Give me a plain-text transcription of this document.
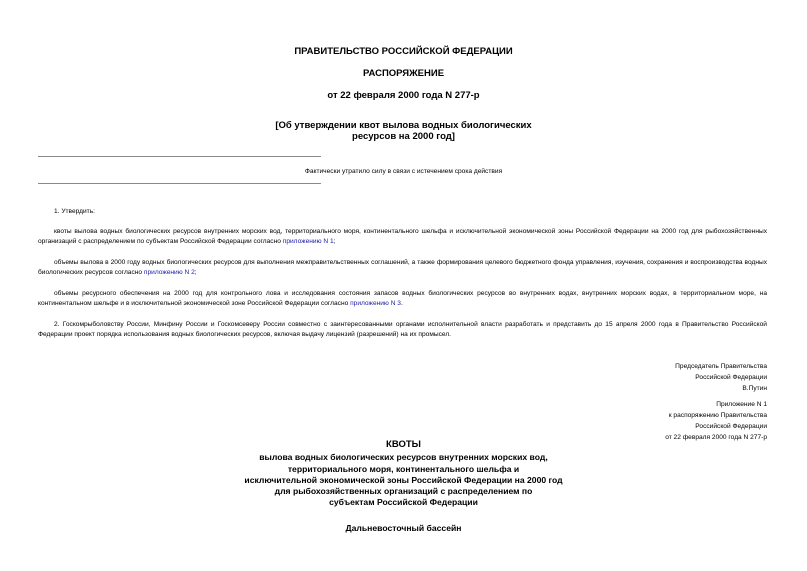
ПРАВИТЕЛЬСТВО РОССИЙСКОЙ ФЕДЕРАЦИИ
РАСПОРЯЖЕНИЕ
от 22 февраля 2000 года N 277-р
[Об утверждении квот вылова водных биологических
ресурсов на 2000 год]
Фактически утратило силу в связи с истечением срока действия
1. Утвердить:
квоты вылова водных биологических ресурсов внутренних морских вод, территориального моря, континентального шельфа и исключительной экономической зоны Российской Федерации на 2000 год для рыбохозяйственных организаций с распределением по субъектам Российской Федерации согласно приложению N 1;
объемы вылова в 2000 году водных биологических ресурсов для выполнения межправительственных соглашений, а также формирования целевого бюджетного фонда управления, изучения, сохранения и воспроизводства водных биологических ресурсов согласно приложению N 2;
объемы ресурсного обеспечения на 2000 год для контрольного лова и исследования состояния запасов водных биологических ресурсов во внутренних водах, внутренних морских водах, в территориальном море, на континентальном шельфе и в исключительной экономической зоне Российской Федерации согласно приложению N 3.
2. Госкомрыболовству России, Минфину России и Госкомсеверу России совместно с заинтересованными органами исполнительной власти разработать и представить до 15 апреля 2000 года в Правительство Российской Федерации проект порядка использования водных биологических ресурсов, включая выдачу лицензий (разрешений) на их промысел.
Председатель Правительства
Российской Федерации
В.Путин
Приложение N 1
к распоряжению Правительства
Российской Федерации
от 22 февраля 2000 года N 277-р
КВОТЫ
вылова водных биологических ресурсов внутренних морских вод,
территориального моря, континентального шельфа и
исключительной экономической зоны Российской Федерации на 2000 год
для рыбохозяйственных организаций с распределением по
субъектам Российской Федерации
Дальневосточный бассейн
